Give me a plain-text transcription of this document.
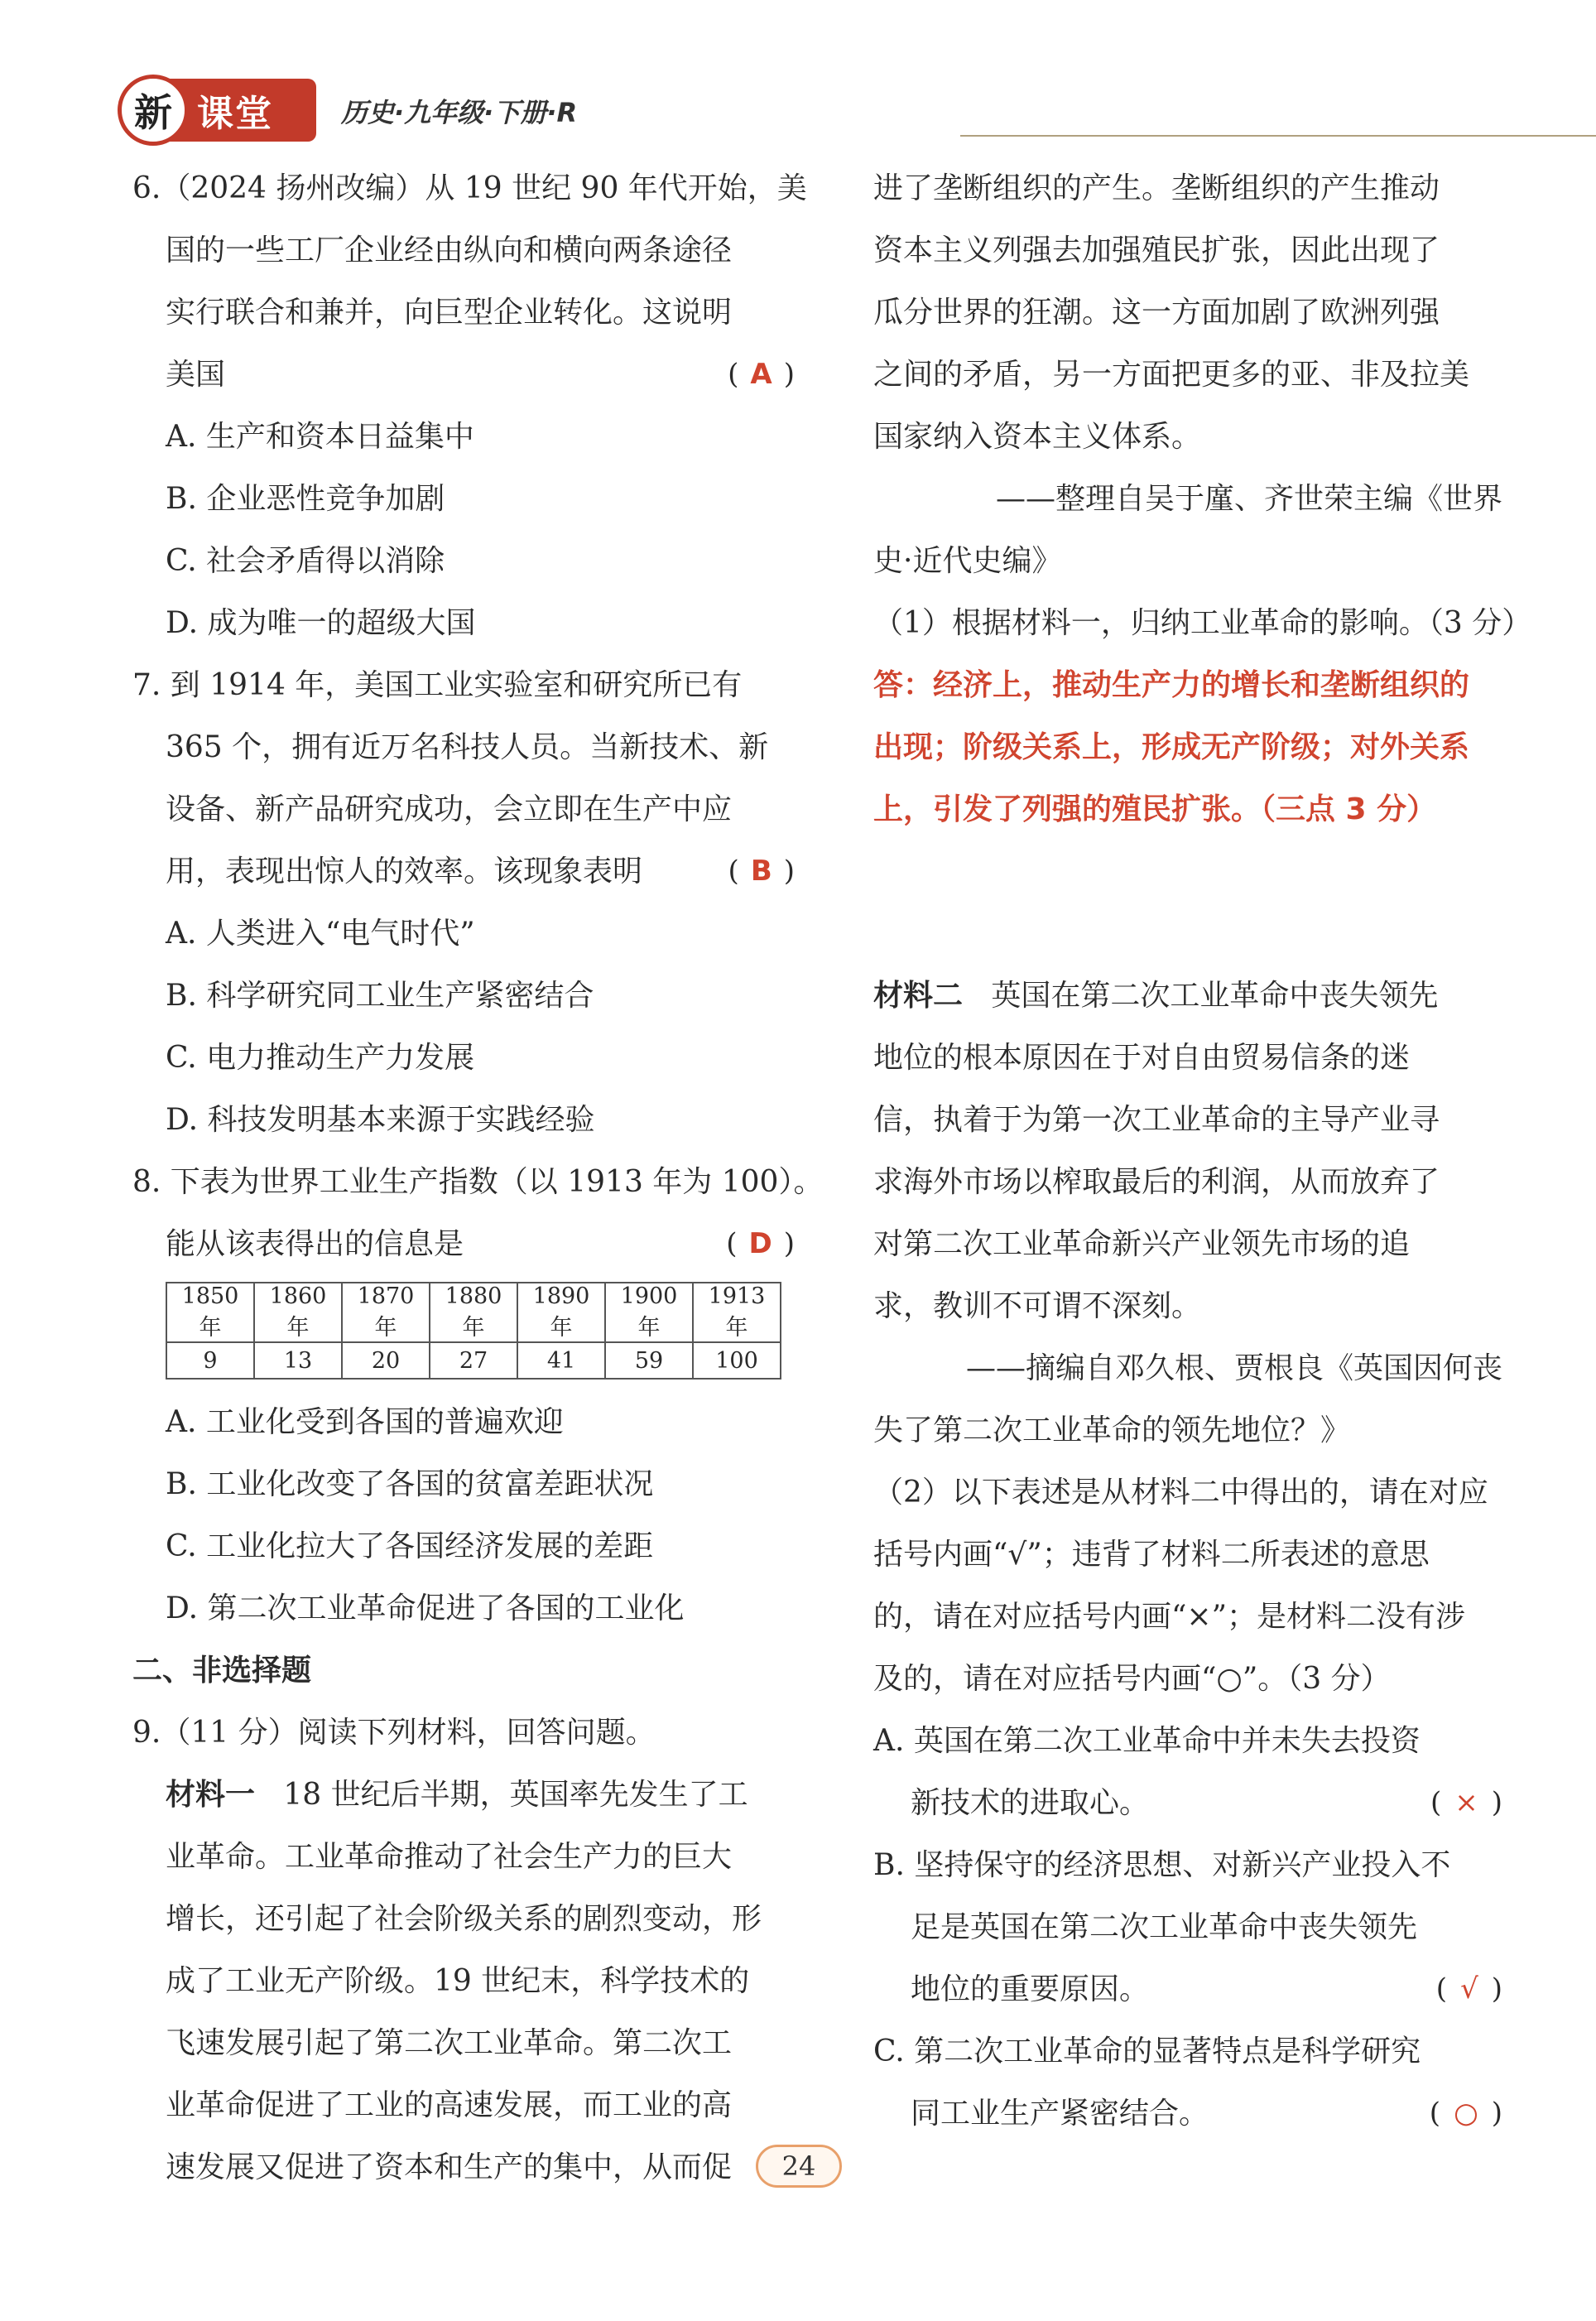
新 课堂	历史·九年级·下册·R
6.（2024 扬州改编）从 19 世纪 90 年代开始，美
国的一些工厂企业经由纵向和横向两条途径
实行联合和兼并，向巨型企业转化。这说明
美国	( A )
A. 生产和资本日益集中
B. 企业恶性竞争加剧
C. 社会矛盾得以消除
D. 成为唯一的超级大国
7. 到 1914 年，美国工业实验室和研究所已有
365 个，拥有近万名科技人员。当新技术、新
设备、新产品研究成功，会立即在生产中应
用，表现出惊人的效率。该现象表明	( B )
A. 人类进入“电气时代”
B. 科学研究同工业生产紧密结合
C. 电力推动生产力发展
D. 科技发明基本来源于实践经验
8. 下表为世界工业生产指数（以 1913 年为 100）。
能从该表得出的信息是	( D )
1850 年	1860 年	1870 年	1880 年	1890 年	1900 年	1913 年
9	13	20	27	41	59	100
A. 工业化受到各国的普遍欢迎
B. 工业化改变了各国的贫富差距状况
C. 工业化拉大了各国经济发展的差距
D. 第二次工业革命促进了各国的工业化
二、非选择题
9.（11 分）阅读下列材料，回答问题。
材料一 18 世纪后半期，英国率先发生了工
业革命。工业革命推动了社会生产力的巨大
增长，还引起了社会阶级关系的剧烈变动，形
成了工业无产阶级。19 世纪末，科学技术的
飞速发展引起了第二次工业革命。第二次工
业革命促进了工业的高速发展，而工业的高
速发展又促进了资本和生产的集中，从而促
进了垄断组织的产生。垄断组织的产生推动
资本主义列强去加强殖民扩张，因此出现了
瓜分世界的狂潮。这一方面加剧了欧洲列强
之间的矛盾，另一方面把更多的亚、非及拉美
国家纳入资本主义体系。
——整理自吴于廑、齐世荣主编《世界
史·近代史编》
（1）根据材料一，归纳工业革命的影响。（3 分）
答：经济上，推动生产力的增长和垄断组织的
出现；阶级关系上，形成无产阶级；对外关系
上，引发了列强的殖民扩张。（三点 3 分）
材料二 英国在第二次工业革命中丧失领先
地位的根本原因在于对自由贸易信条的迷
信，执着于为第一次工业革命的主导产业寻
求海外市场以榨取最后的利润，从而放弃了
对第二次工业革命新兴产业领先市场的追
求，教训不可谓不深刻。
——摘编自邓久根、贾根良《英国因何丧
失了第二次工业革命的领先地位？》
（2）以下表述是从材料二中得出的，请在对应
括号内画“√”；违背了材料二所表述的意思
的，请在对应括号内画“×”；是材料二没有涉
及的，请在对应括号内画“○”。（3 分）
A. 英国在第二次工业革命中并未失去投资
新技术的进取心。	( × )
B. 坚持保守的经济思想、对新兴产业投入不
足是英国在第二次工业革命中丧失领先
地位的重要原因。	( √ )
C. 第二次工业革命的显著特点是科学研究
同工业生产紧密结合。	( ○ )
24
